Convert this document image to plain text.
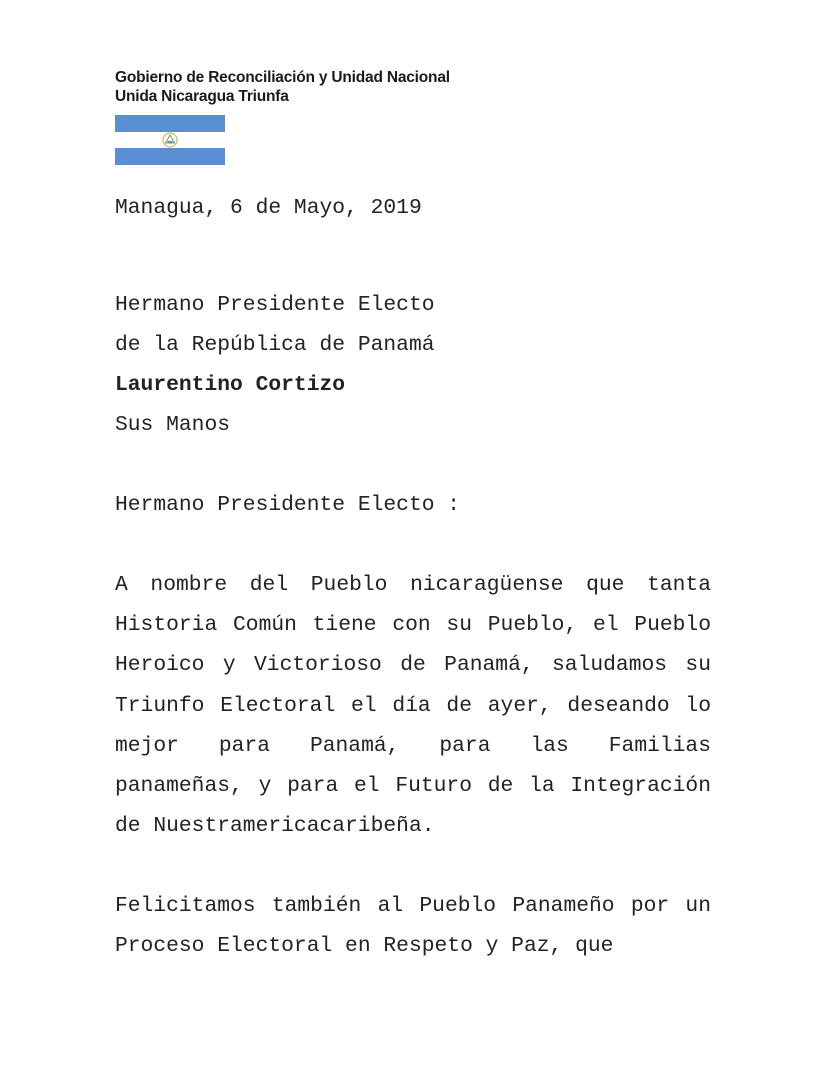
Gobierno de Reconciliación y Unidad Nacional
Unida Nicaragua Triunfa
Managua, 6 de Mayo, 2019
Hermano Presidente Electo
de la República de Panamá
Laurentino Cortizo
Sus Manos
Hermano Presidente Electo :
A nombre del Pueblo nicaragüense que tanta Historia Común tiene con su Pueblo, el Pueblo Heroico y Victorioso de Panamá, saludamos su Triunfo Electoral el día de ayer, deseando lo mejor para Panamá, para las Familias panameñas, y para el Futuro de la Integración de Nuestramericacaribeña.
Felicitamos también al Pueblo Panameño por un Proceso Electoral en Respeto y Paz, que
